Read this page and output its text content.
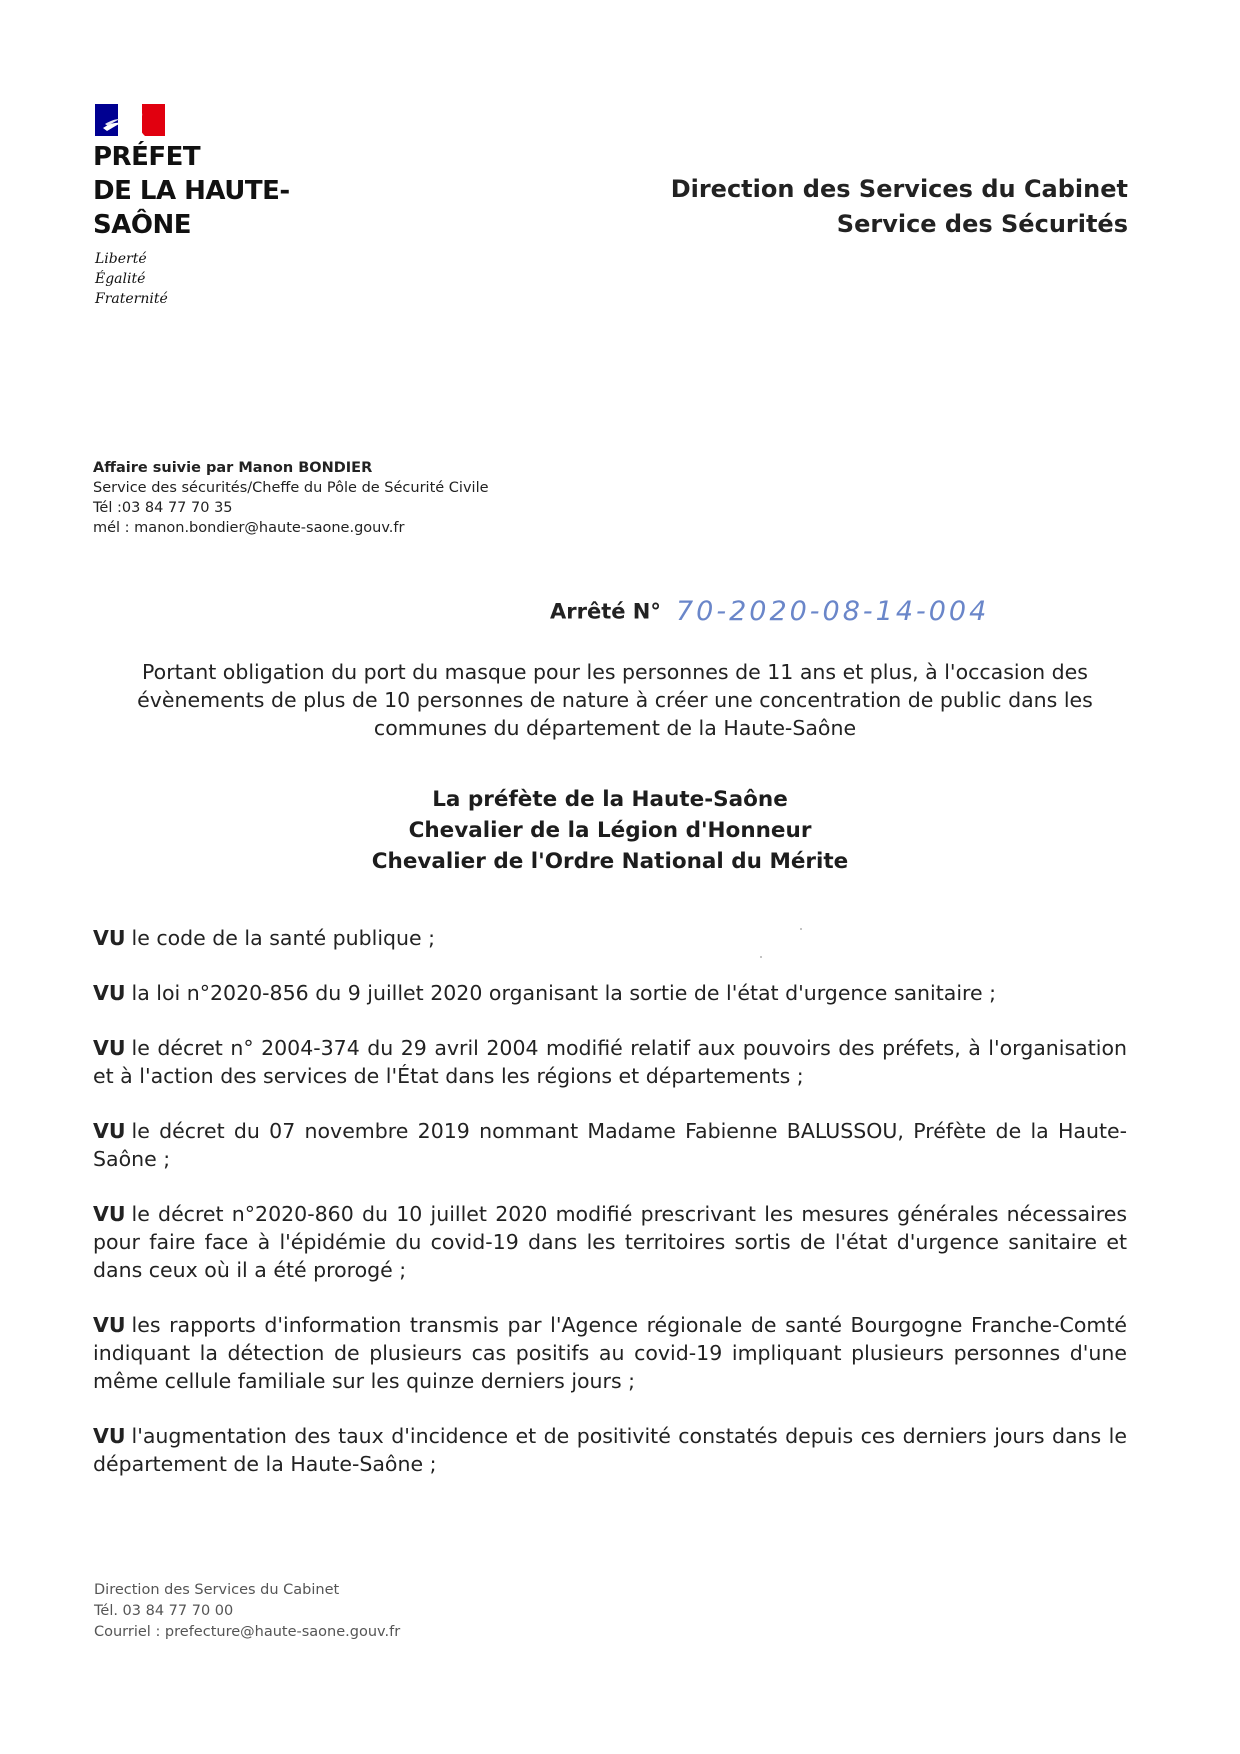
PRÉFET
DE LA HAUTE-
SAÔNE
Liberté
Égalité
Fraternité
Direction des Services du Cabinet
Service des Sécurités
Affaire suivie par Manon BONDIER
Service des sécurités/Cheffe du Pôle de Sécurité Civile
Tél :03 84 77 70 35
mél : manon.bondier@haute-saone.gouv.fr
Arrêté N° 70-2020-08-14-004
Portant obligation du port du masque pour les personnes de 11 ans et plus, à l'occasion des évènements de plus de 10 personnes de nature à créer une concentration de public dans les communes du département de la Haute-Saône
La préfète de la Haute-Saône
Chevalier de la Légion d'Honneur
Chevalier de l'Ordre National du Mérite

VU le code de la santé publique ;

VU la loi n°2020-856 du 9 juillet 2020 organisant la sortie de l'état d'urgence sanitaire ;

VU le décret n° 2004-374 du 29 avril 2004 modifié relatif aux pouvoirs des préfets, à l'organisation et à l'action des services de l'État dans les régions et départements ;

VU le décret du 07 novembre 2019 nommant Madame Fabienne BALUSSOU, Préfète de la Haute-Saône ;

VU le décret n°2020-860 du 10 juillet 2020 modifié prescrivant les mesures générales nécessaires pour faire face à l'épidémie du covid-19 dans les territoires sortis de l'état d'urgence sanitaire et dans ceux où il a été prorogé ;

VU les rapports d'information transmis par l'Agence régionale de santé Bourgogne Franche-Comté indiquant la détection de plusieurs cas positifs au covid-19 impliquant plusieurs personnes d'une même cellule familiale sur les quinze derniers jours ;

VU l'augmentation des taux d'incidence et de positivité constatés depuis ces derniers jours dans le département de la Haute-Saône ;

Direction des Services du Cabinet
Tél. 03 84 77 70 00
Courriel : prefecture@haute-saone.gouv.fr
